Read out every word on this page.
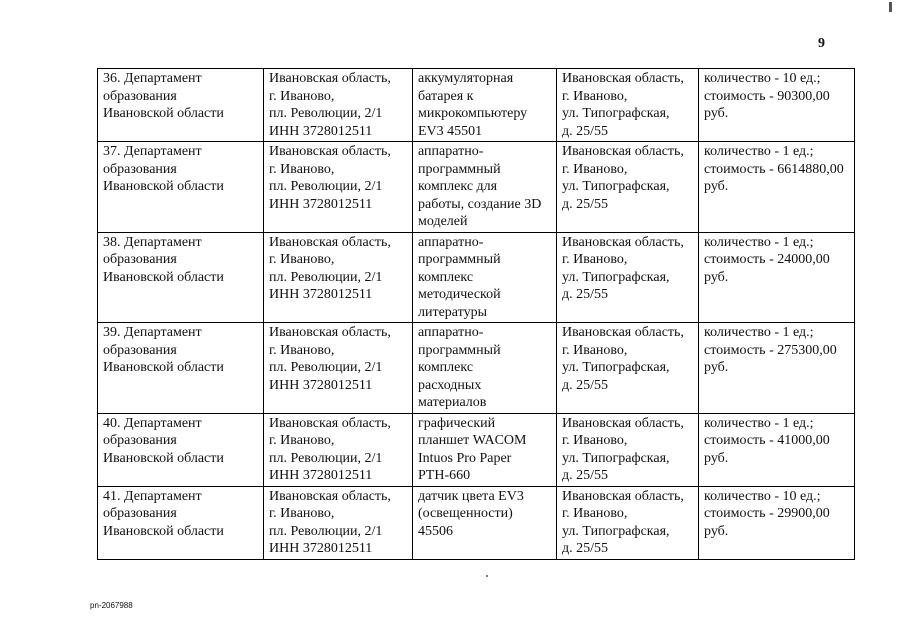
9
36. Департамент
образования
Ивановской области	Ивановская область,
г. Иваново,
пл. Революции, 2/1
ИНН 3728012511	аккумуляторная
батарея к
микрокомпьютеру
EV3 45501	Ивановская область,
г. Иваново,
ул. Типографская,
д. 25/55	количество - 10 ед.;
стоимость - 90300,00
руб.

37. Департамент
образования
Ивановской области	Ивановская область,
г. Иваново,
пл. Революции, 2/1
ИНН 3728012511	аппаратно-
программный
комплекс для
работы, создание 3D
моделей	Ивановская область,
г. Иваново,
ул. Типографская,
д. 25/55	количество - 1 ед.;
стоимость - 6614880,00
руб.

38. Департамент
образования
Ивановской области	Ивановская область,
г. Иваново,
пл. Революции, 2/1
ИНН 3728012511	аппаратно-
программный
комплекс
методической
литературы	Ивановская область,
г. Иваново,
ул. Типографская,
д. 25/55	количество - 1 ед.;
стоимость - 24000,00
руб.

39. Департамент
образования
Ивановской области	Ивановская область,
г. Иваново,
пл. Революции, 2/1
ИНН 3728012511	аппаратно-
программный
комплекс
расходных
материалов	Ивановская область,
г. Иваново,
ул. Типографская,
д. 25/55	количество - 1 ед.;
стоимость - 275300,00
руб.

40. Департамент
образования
Ивановской области	Ивановская область,
г. Иваново,
пл. Революции, 2/1
ИНН 3728012511	графический
планшет WACOM
Intuos Pro Paper
PTH-660	Ивановская область,
г. Иваново,
ул. Типографская,
д. 25/55	количество - 1 ед.;
стоимость - 41000,00
руб.

41. Департамент
образования
Ивановской области	Ивановская область,
г. Иваново,
пл. Революции, 2/1
ИНН 3728012511	датчик цвета EV3
(освещенности)
45506	Ивановская область,
г. Иваново,
ул. Типографская,
д. 25/55	количество - 10 ед.;
стоимость - 29900,00
руб.
pn-2067988
